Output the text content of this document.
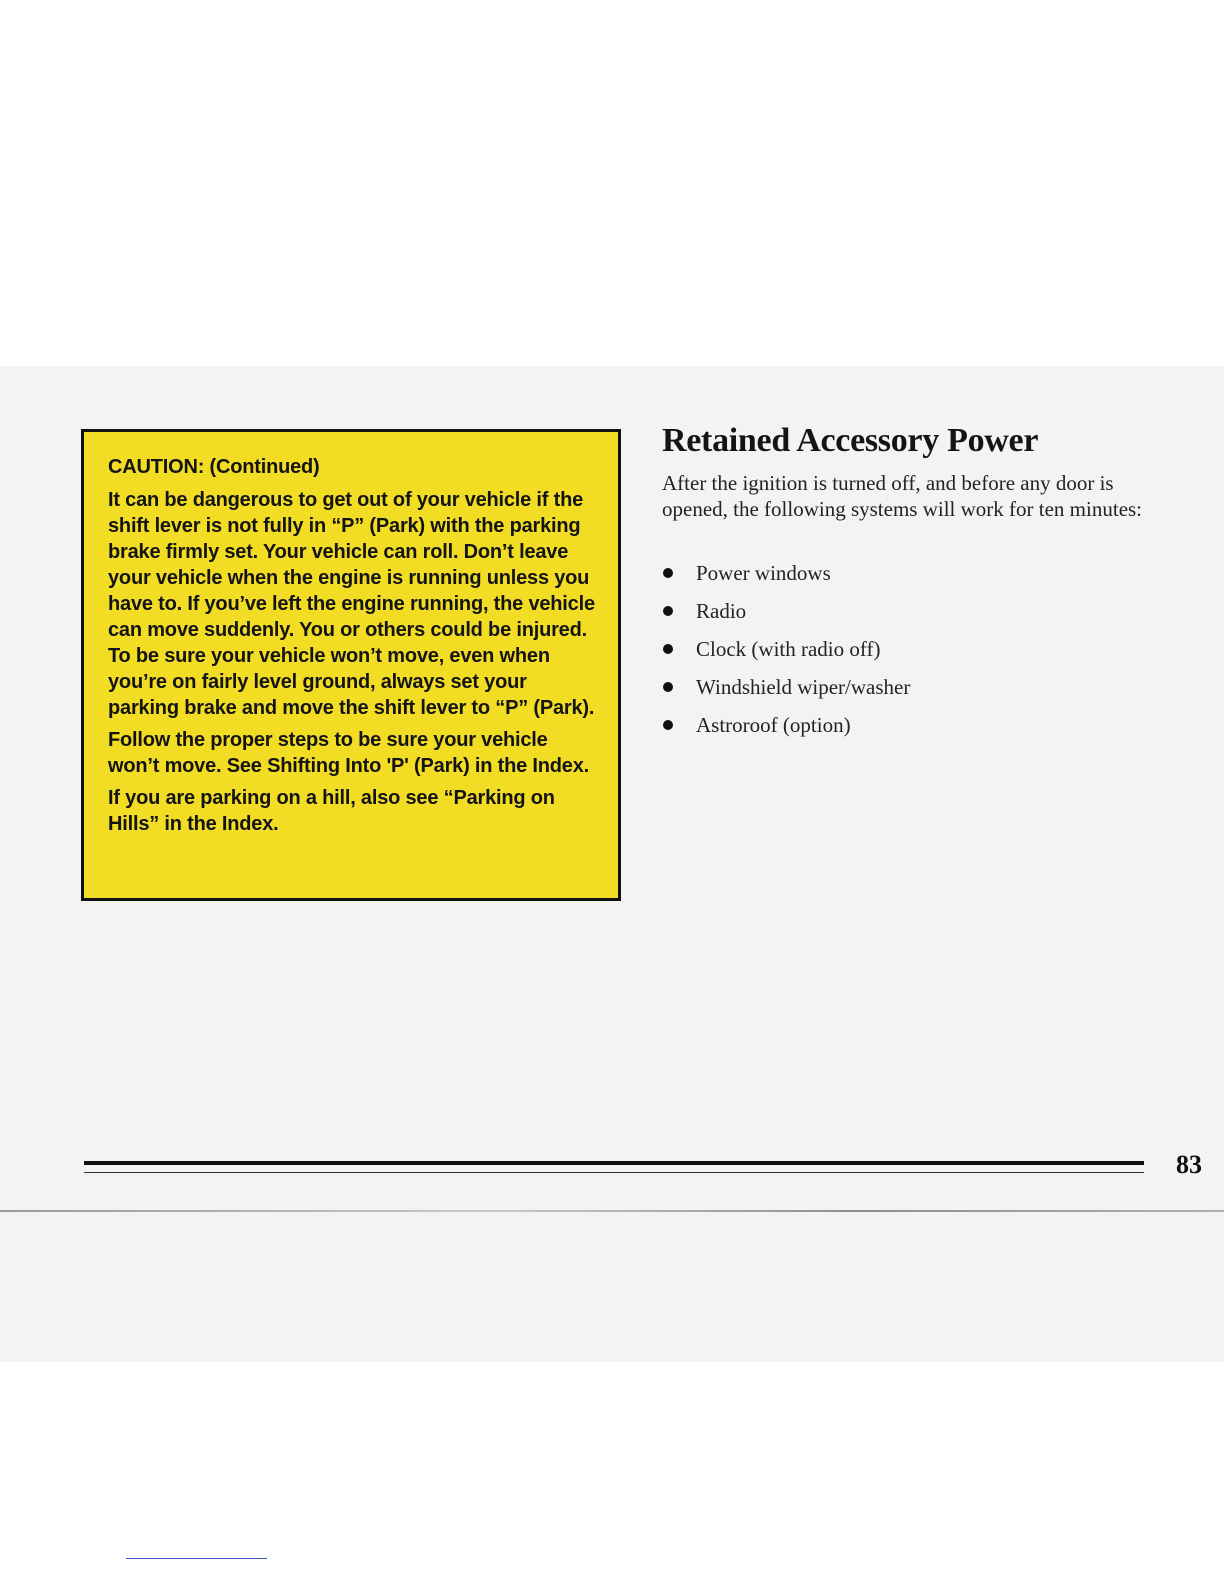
CAUTION: (Continued)

It can be dangerous to get out of your vehicle if the shift lever is not fully in “P” (Park) with the parking brake firmly set. Your vehicle can roll. Don’t leave your vehicle when the engine is running unless you have to. If you’ve left the engine running, the vehicle can move suddenly. You or others could be injured. To be sure your vehicle won’t move, even when you’re on fairly level ground, always set your parking brake and move the shift lever to “P” (Park).

Follow the proper steps to be sure your vehicle won’t move. See Shifting Into 'P' (Park) in the Index.

If you are parking on a hill, also see “Parking on Hills” in the Index.

Retained Accessory Power

After the ignition is turned off, and before any door is opened, the following systems will work for ten minutes:

Power windows
Radio
Clock (with radio off)
Windshield wiper/washer
Astroroof (option)
83
